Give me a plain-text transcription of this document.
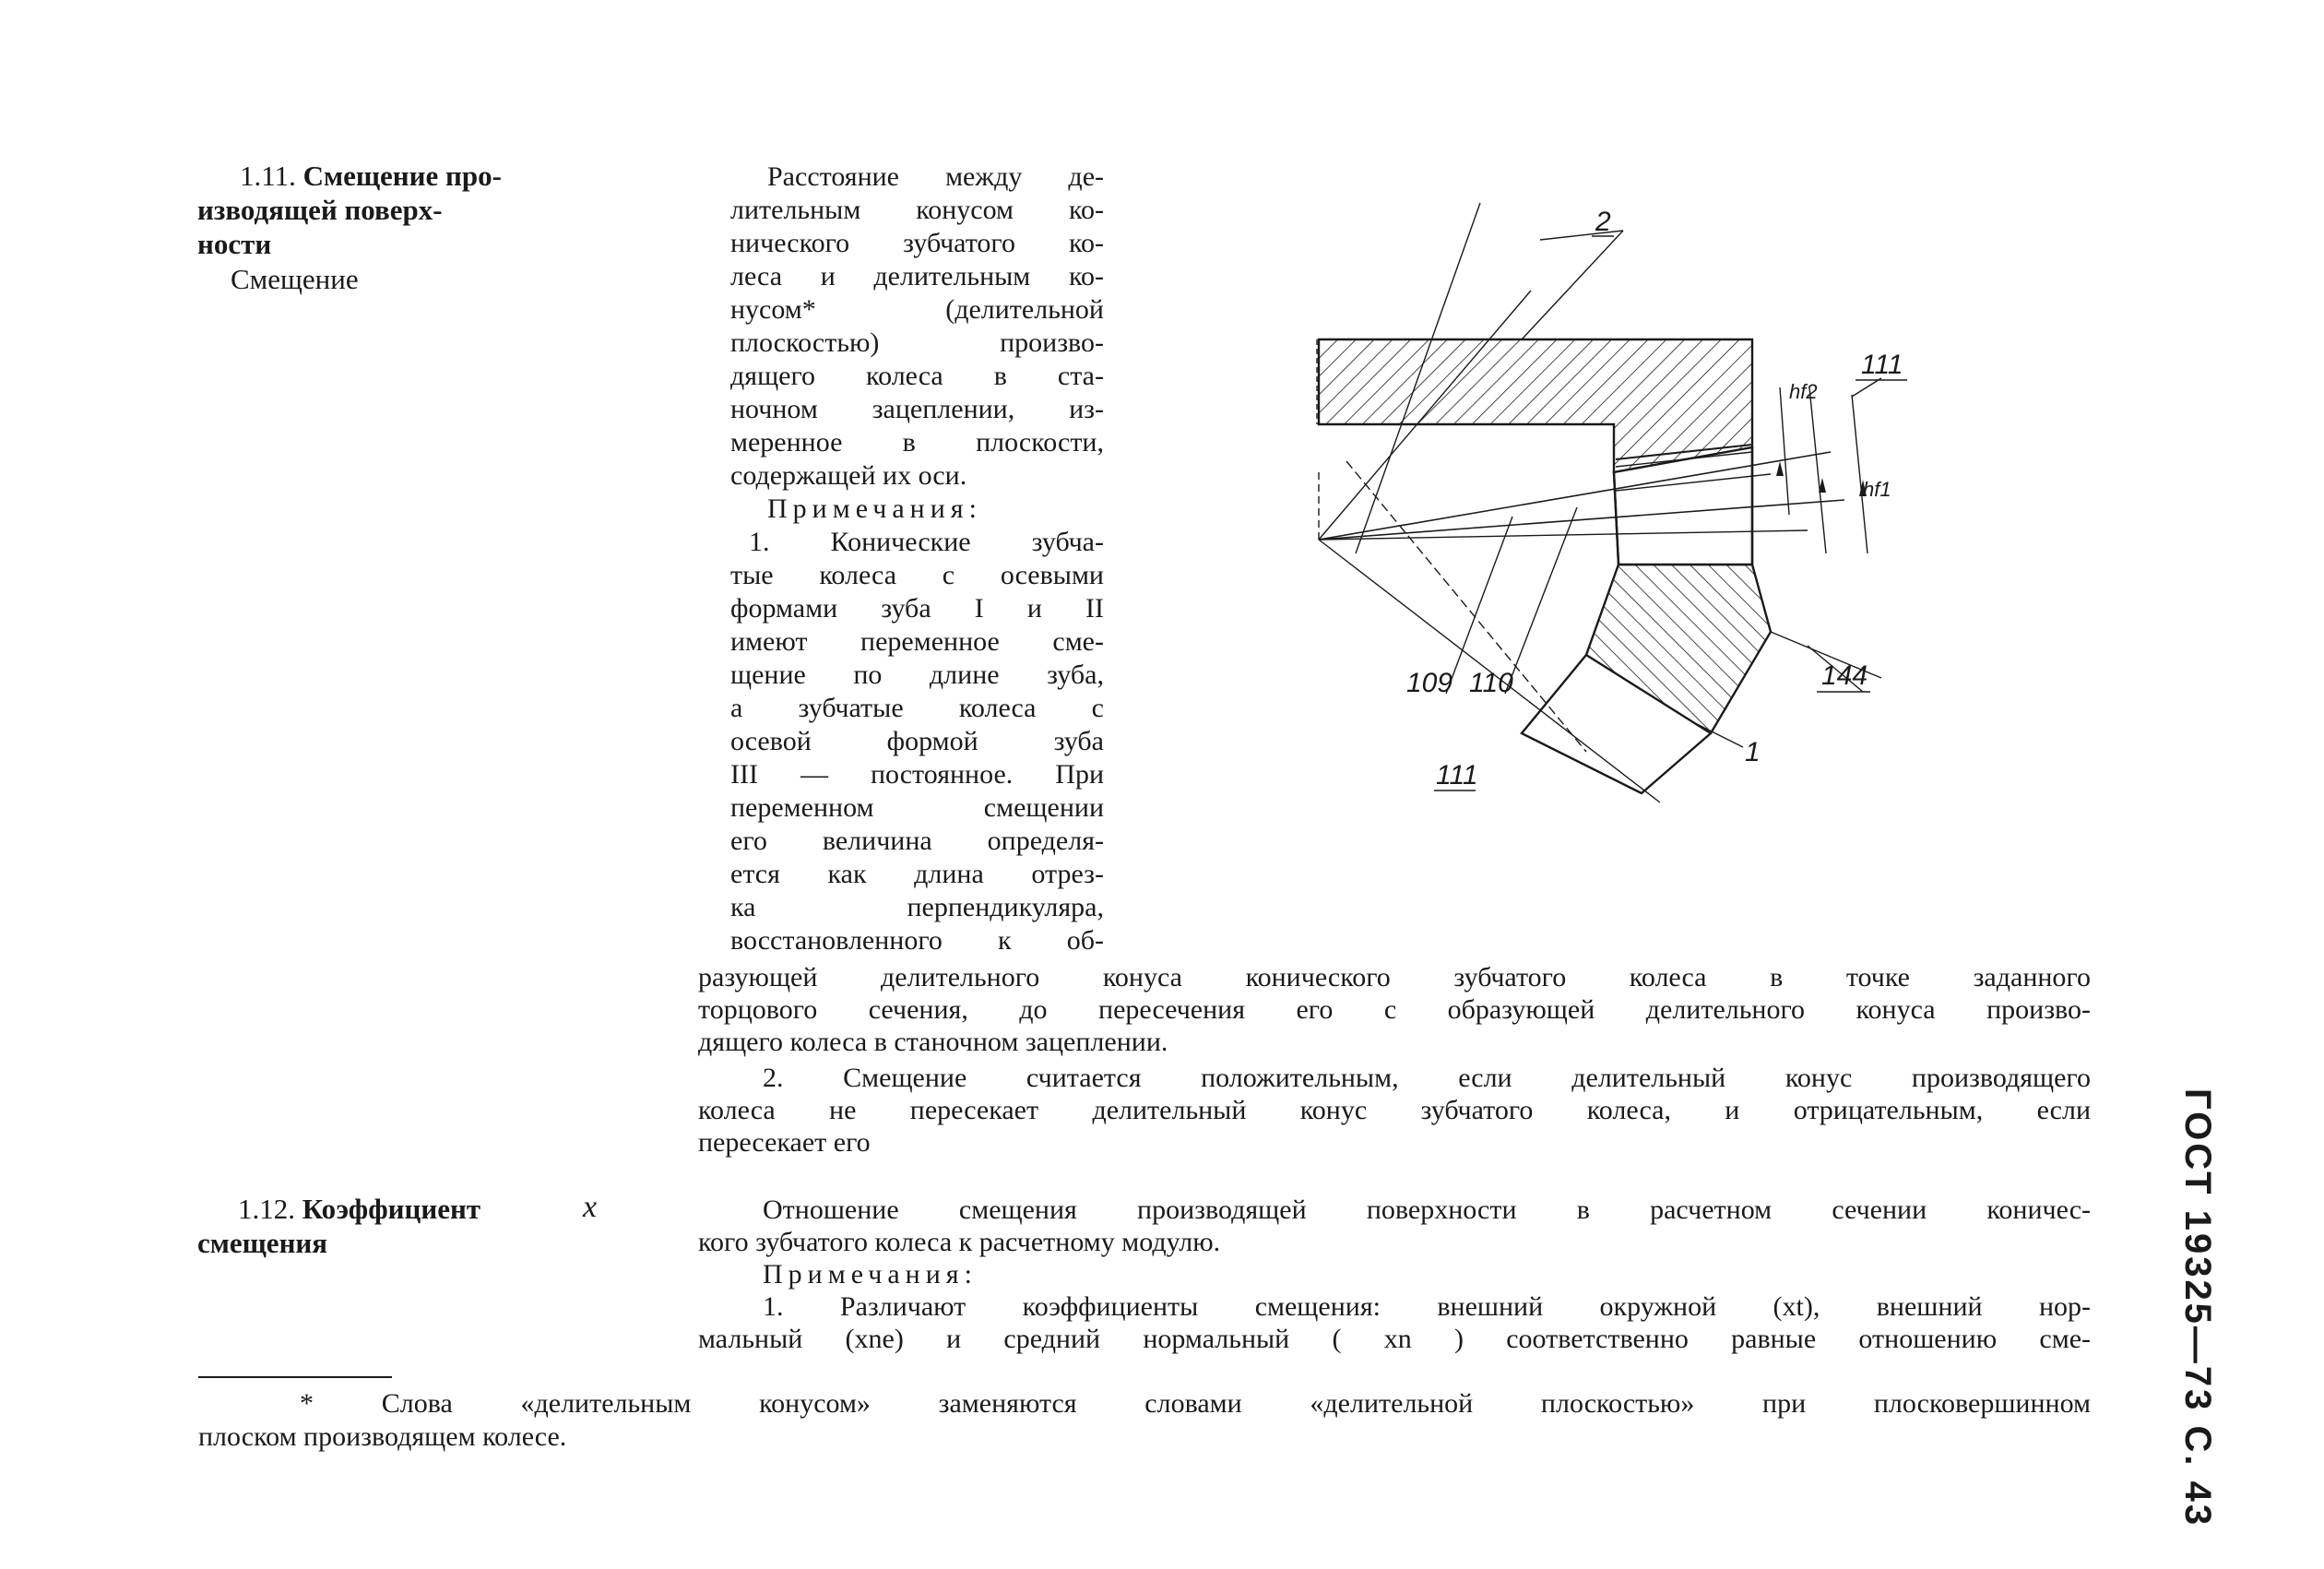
1.11. Смещение про-
изводящей поверх-
ности
Смещение
Расстояние между де-
лительным конусом ко-
нического зубчатого ко-
леса и делительным ко-
нусом* (делительной
плоскостью) произво-
дящего колеса в ста-
ночном зацеплении, из-
меренное в плоскости,
содержащей их оси.
Примечания:
1. Конические зубча-
тые колеса с осевыми
формами зуба I и II
имеют переменное сме-
щение по длине зуба,
а зубчатые колеса с
осевой формой зуба
III — постоянное. При
переменном смещении
его величина определя-
ется как длина отрез-
ка перпендикуляра,
восстановленного к об-
разующей делительного конуса конического зубчатого колеса в точке заданного
торцового сечения, до пересечения его с образующей делительного конуса произво-
дящего колеса в станочном зацеплении.
2. Смещение считается положительным, если делительный конус производящего
колеса не пересекает делительный конус зубчатого колеса, и отрицательным, если
пересекает его
1.12. Коэффициент
смещения
x	Отношение смещения производящей поверхности в расчетном сечении коничес-
кого зубчатого колеса к расчетному модулю.
Примечания:
1. Различают коэффициенты смещения: внешний окружной (xt), внешний нор-
мальный (xne) и средний нормальный ( xn ) соответственно равные отношению сме-
* Слова «делительным конусом» заменяются словами «делительной плоскостью» при плосковершинном
плоском производящем колесе.	ГОСТ 19325—73 С. 43
2
111
hf2
hf1
109 110	144
1
111
